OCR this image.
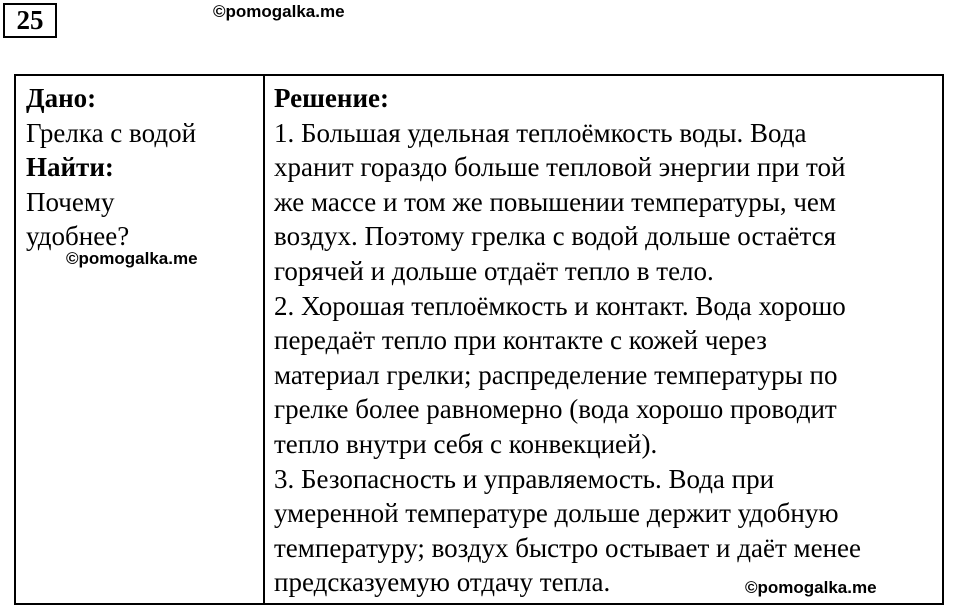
25	©pomogalka.me
Дано:
Грелка с водой
Найти:
Почему
удобнее?
Решение:
1. Большая удельная теплоёмкость воды. Вода
хранит гораздо больше тепловой энергии при той
же массе и том же повышении температуры, чем
воздух. Поэтому грелка с водой дольше остаётся
горячей и дольше отдаёт тепло в тело.
2. Хорошая теплоёмкость и контакт. Вода хорошо
передаёт тепло при контакте с кожей через
материал грелки; распределение температуры по
грелке более равномерно (вода хорошо проводит
тепло внутри себя с конвекцией).
3. Безопасность и управляемость. Вода при
умеренной температуре дольше держит удобную
температуру; воздух быстро остывает и даёт менее
предсказуемую отдачу тепла.
©pomogalka.me
©pomogalka.me
